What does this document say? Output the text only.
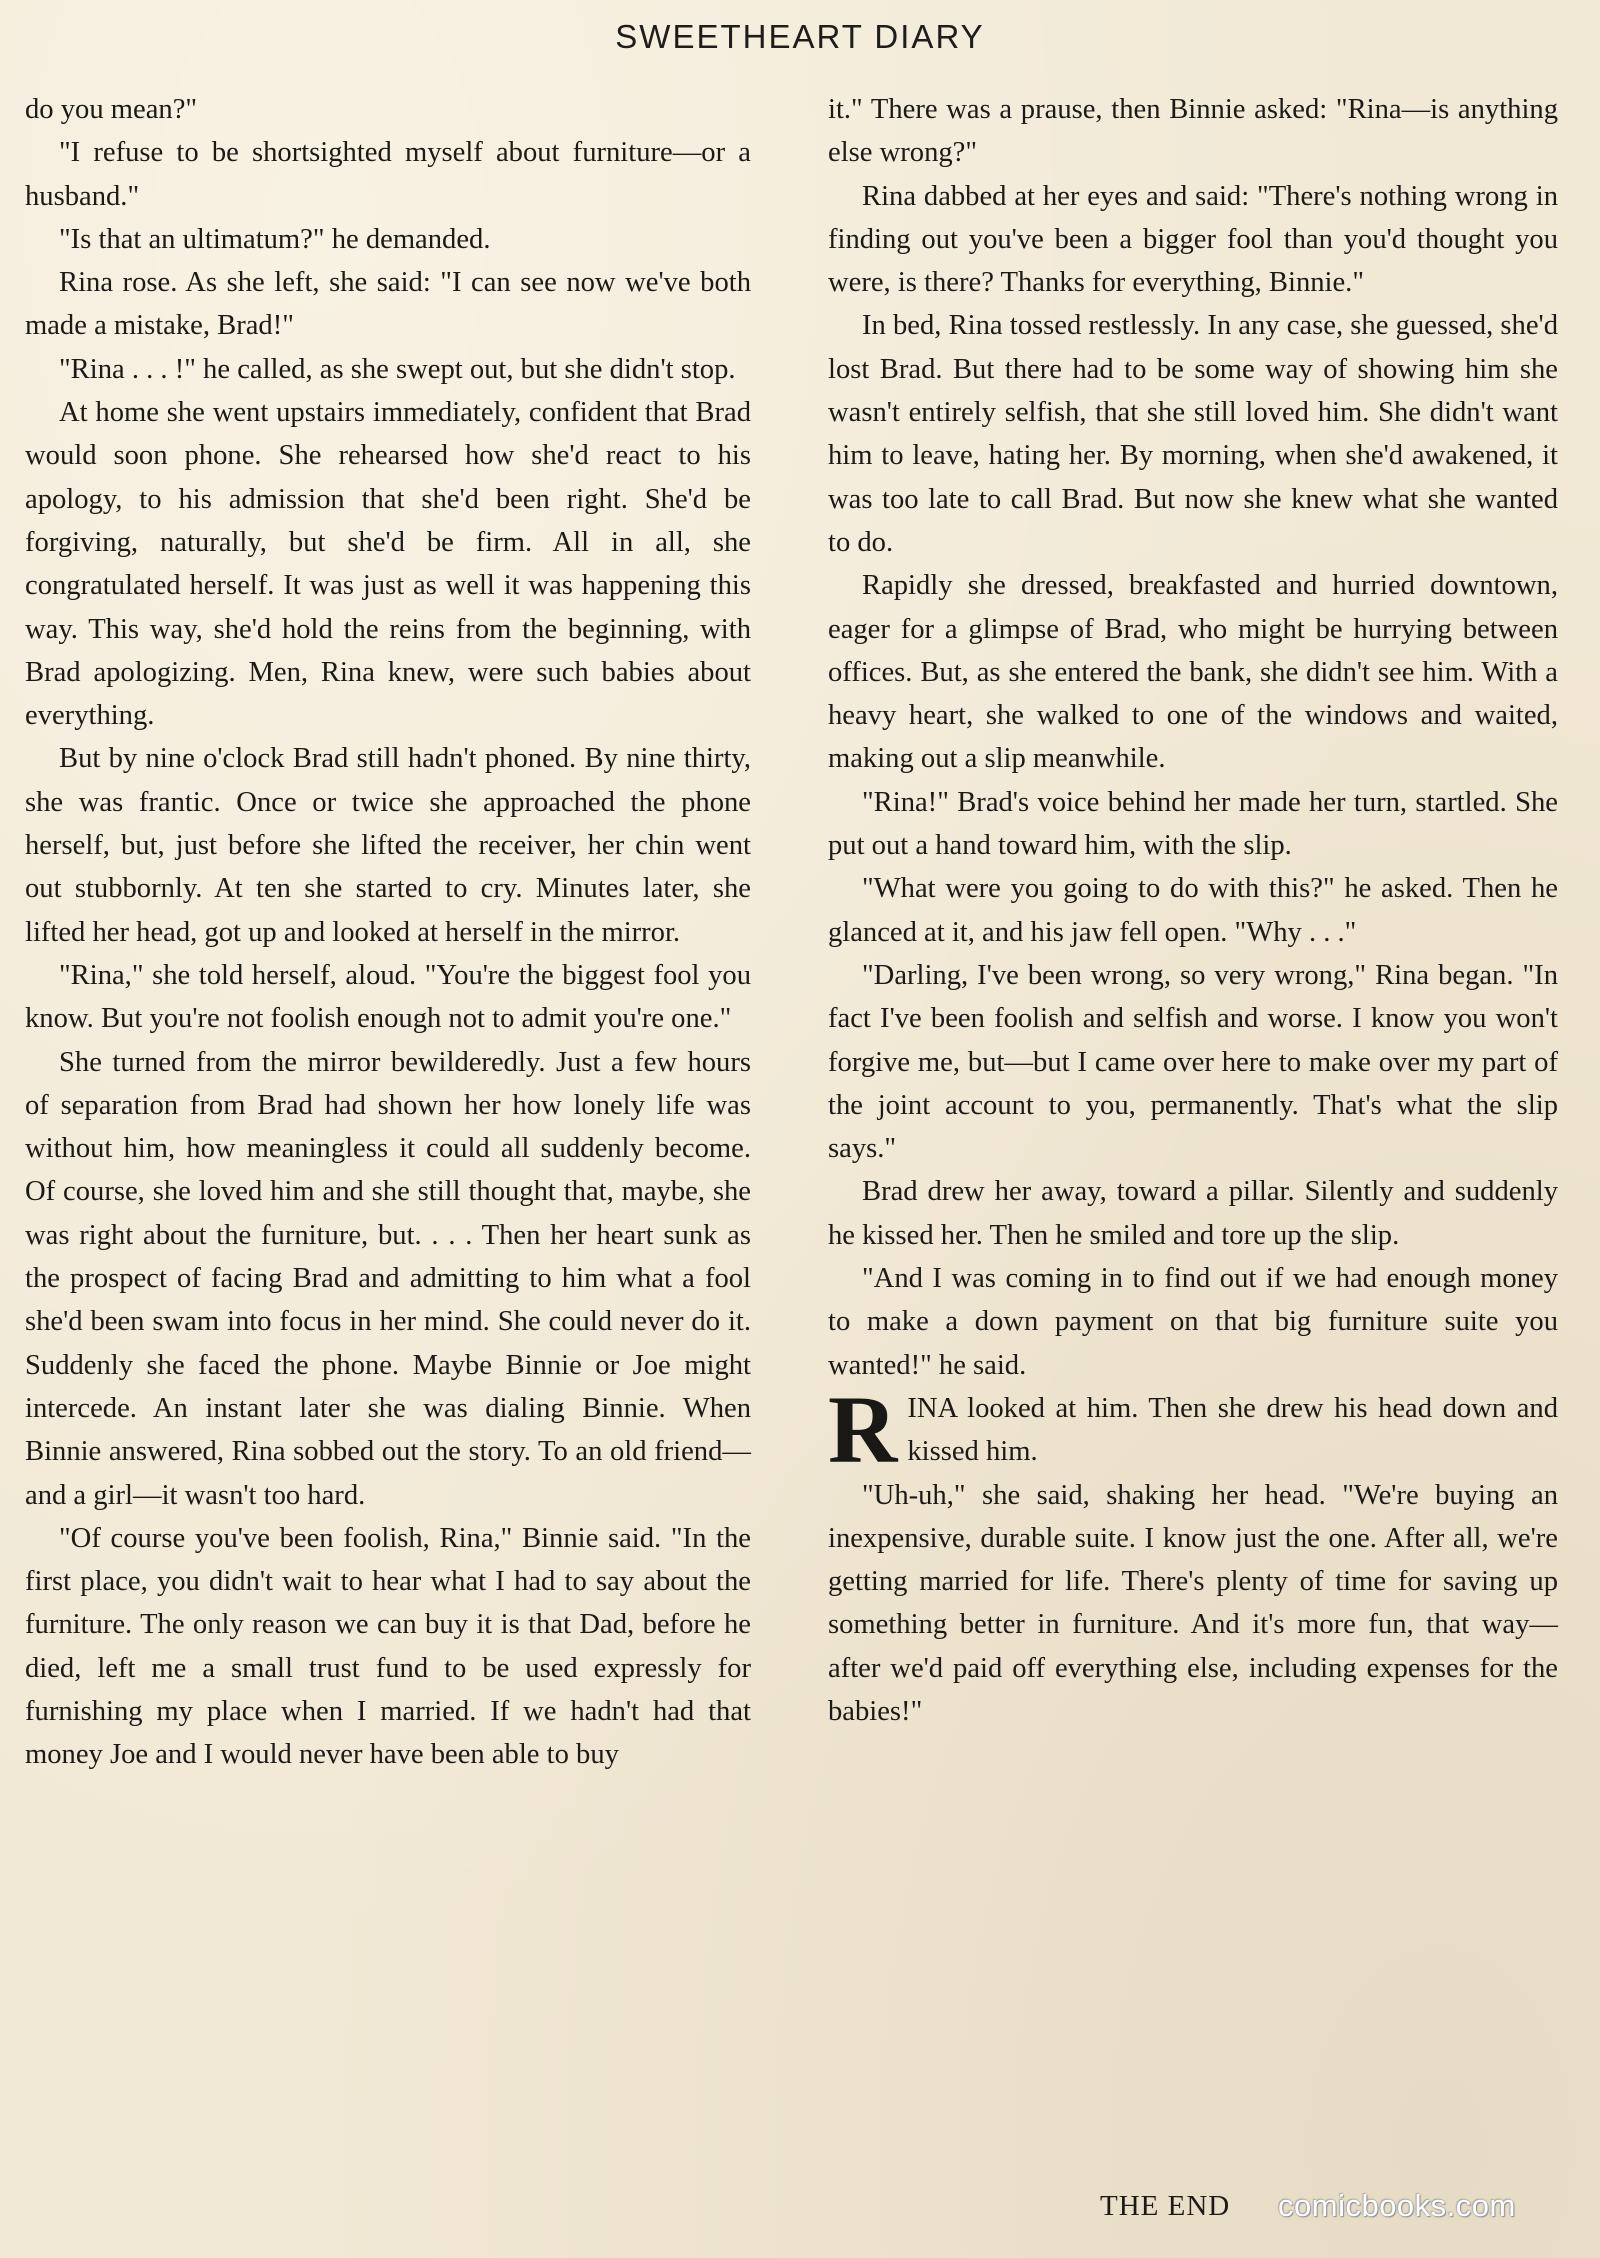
SWEETHEART DIARY

do you mean?"

"I refuse to be shortsighted myself about furniture—or a husband."

"Is that an ultimatum?" he demanded.

Rina rose. As she left, she said: "I can see now we've both made a mistake, Brad!"

"Rina . . . !" he called, as she swept out, but she didn't stop.

At home she went upstairs immediately, confident that Brad would soon phone. She rehearsed how she'd react to his apology, to his admission that she'd been right. She'd be forgiving, naturally, but she'd be firm. All in all, she congratulated herself. It was just as well it was happening this way. This way, she'd hold the reins from the beginning, with Brad apologizing. Men, Rina knew, were such babies about everything.

But by nine o'clock Brad still hadn't phoned. By nine thirty, she was frantic. Once or twice she approached the phone herself, but, just before she lifted the receiver, her chin went out stubbornly. At ten she started to cry. Minutes later, she lifted her head, got up and looked at herself in the mirror.

"Rina," she told herself, aloud. "You're the biggest fool you know. But you're not foolish enough not to admit you're one."

She turned from the mirror bewilderedly. Just a few hours of separation from Brad had shown her how lonely life was without him, how meaningless it could all suddenly become. Of course, she loved him and she still thought that, maybe, she was right about the furniture, but. . . . Then her heart sunk as the prospect of facing Brad and admitting to him what a fool she'd been swam into focus in her mind. She could never do it. Suddenly she faced the phone. Maybe Binnie or Joe might intercede. An instant later she was dialing Binnie. When Binnie answered, Rina sobbed out the story. To an old friend—and a girl—it wasn't too hard.

"Of course you've been foolish, Rina," Binnie said. "In the first place, you didn't wait to hear what I had to say about the furniture. The only reason we can buy it is that Dad, before he died, left me a small trust fund to be used expressly for furnishing my place when I married. If we hadn't had that money Joe and I would never have been able to buy

it." There was a prause, then Binnie asked: "Rina—is anything else wrong?"

Rina dabbed at her eyes and said: "There's nothing wrong in finding out you've been a bigger fool than you'd thought you were, is there? Thanks for everything, Binnie."

In bed, Rina tossed restlessly. In any case, she guessed, she'd lost Brad. But there had to be some way of showing him she wasn't entirely selfish, that she still loved him. She didn't want him to leave, hating her. By morning, when she'd awakened, it was too late to call Brad. But now she knew what she wanted to do.

Rapidly she dressed, breakfasted and hurried downtown, eager for a glimpse of Brad, who might be hurrying between offices. But, as she entered the bank, she didn't see him. With a heavy heart, she walked to one of the windows and waited, making out a slip meanwhile.

"Rina!" Brad's voice behind her made her turn, startled. She put out a hand toward him, with the slip.

"What were you going to do with this?" he asked. Then he glanced at it, and his jaw fell open. "Why . . ."

"Darling, I've been wrong, so very wrong," Rina began. "In fact I've been foolish and selfish and worse. I know you won't forgive me, but—but I came over here to make over my part of the joint account to you, permanently. That's what the slip says."

Brad drew her away, toward a pillar. Silently and suddenly he kissed her. Then he smiled and tore up the slip.

"And I was coming in to find out if we had enough money to make a down payment on that big furniture suite you wanted!" he said.

RINA looked at him. Then she drew his head down and kissed him.

"Uh-uh," she said, shaking her head. "We're buying an inexpensive, durable suite. I know just the one. After all, we're getting married for life. There's plenty of time for saving up something better in furniture. And it's more fun, that way—after we'd paid off everything else, including expenses for the babies!"

THE END comicbooks.com
